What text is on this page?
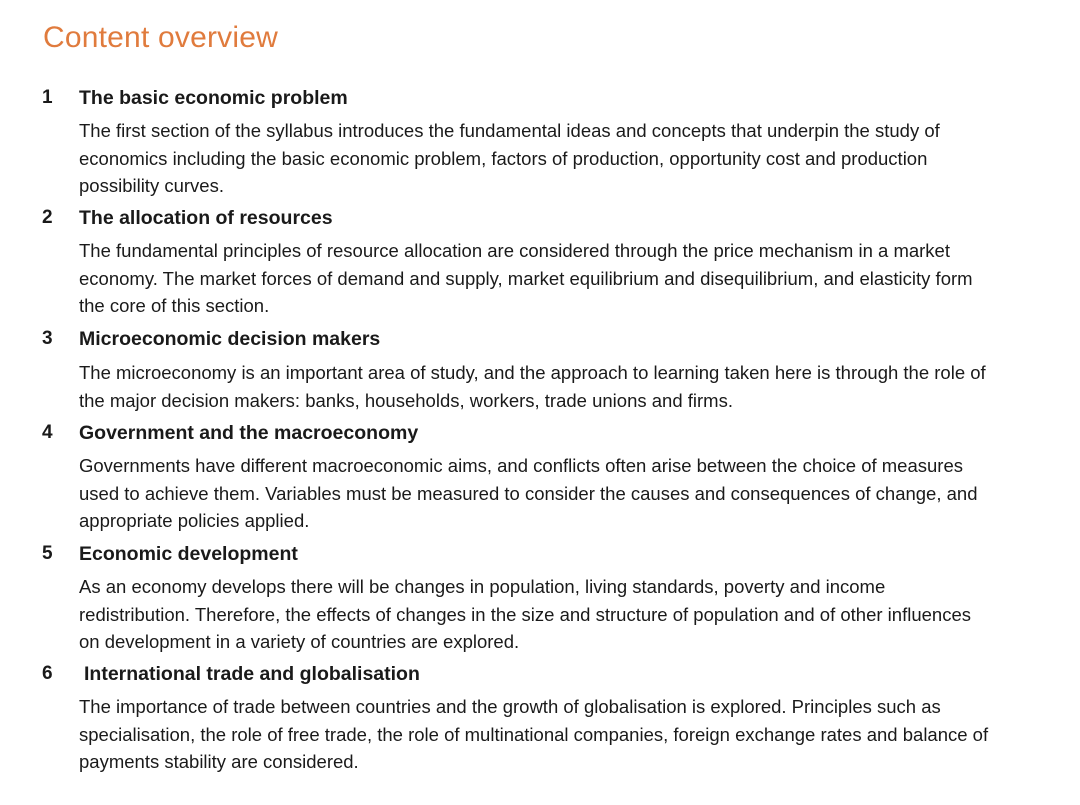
Content overview
1 The basic economic problem

The first section of the syllabus introduces the fundamental ideas and concepts that underpin the study of
economics including the basic economic problem, factors of production, opportunity cost and production
possibility curves.

2 The allocation of resources

The fundamental principles of resource allocation are considered through the price mechanism in a market
economy. The market forces of demand and supply, market equilibrium and disequilibrium, and elasticity form
the core of this section.

3 Microeconomic decision makers

The microeconomy is an important area of study, and the approach to learning taken here is through the role of
the major decision makers: banks, households, workers, trade unions and firms.

4 Government and the macroeconomy

Governments have different macroeconomic aims, and conflicts often arise between the choice of measures
used to achieve them. Variables must be measured to consider the causes and consequences of change, and
appropriate policies applied.

5 Economic development

As an economy develops there will be changes in population, living standards, poverty and income
redistribution. Therefore, the effects of changes in the size and structure of population and of other influences
on development in a variety of countries are explored.

6 International trade and globalisation

The importance of trade between countries and the growth of globalisation is explored. Principles such as
specialisation, the role of free trade, the role of multinational companies, foreign exchange rates and balance of
payments stability are considered.
